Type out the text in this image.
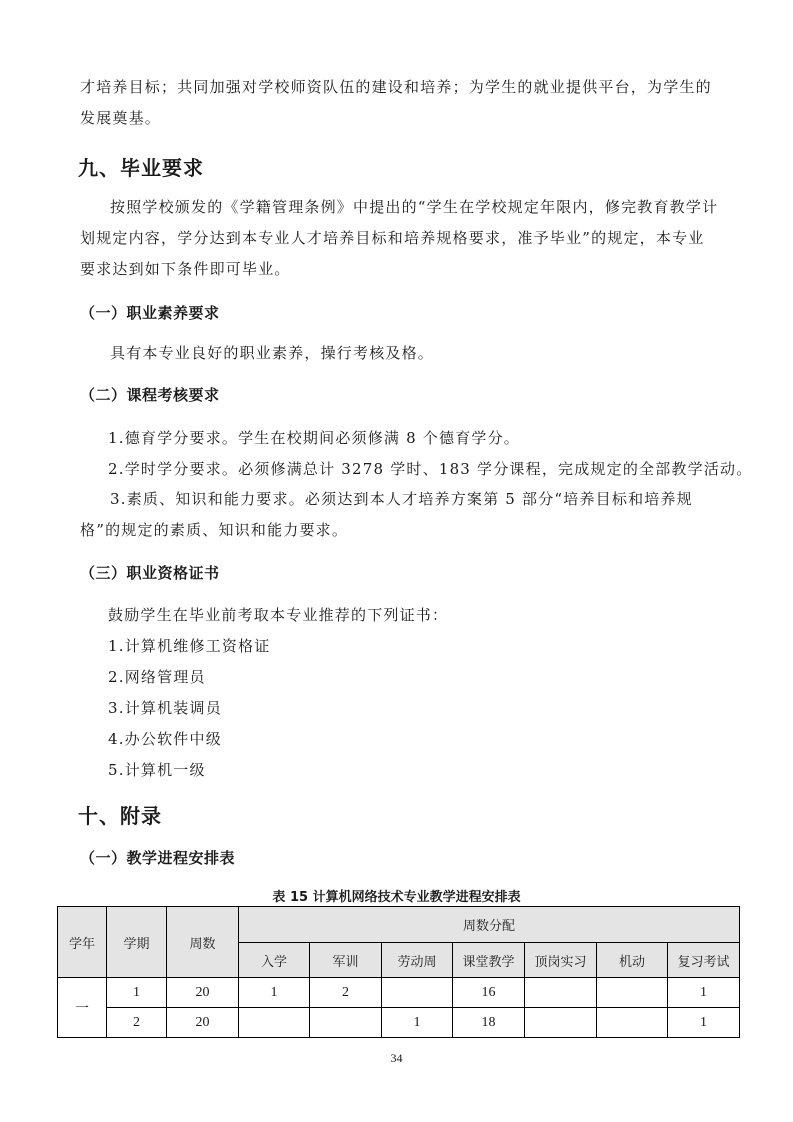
才培养目标；共同加强对学校师资队伍的建设和培养；为学生的就业提供平台，为学生的发展奠基。

九、毕业要求

按照学校颁发的《学籍管理条例》中提出的“学生在学校规定年限内，修完教育教学计划规定内容，学分达到本专业人才培养目标和培养规格要求，准予毕业”的规定，本专业要求达到如下条件即可毕业。

（一）职业素养要求

具有本专业良好的职业素养，操行考核及格。

（二）课程考核要求

1.德育学分要求。学生在校期间必须修满 8 个德育学分。

2.学时学分要求。必须修满总计 3278 学时、183 学分课程，完成规定的全部教学活动。

3.素质、知识和能力要求。必须达到本人才培养方案第 5 部分“培养目标和培养规格”的规定的素质、知识和能力要求。

（三）职业资格证书

鼓励学生在毕业前考取本专业推荐的下列证书：

1.计算机维修工资格证

2.网络管理员

3.计算机装调员

4.办公软件中级

5.计算机一级

十、附录
（一）教学进程安排表

表 15 计算机网络技术专业教学进程安排表

学年	学期	周数	周数分配						
			入学	军训	劳动周	课堂教学	顶岗实习	机动	复习考试
一	1	20	1	2		16			1
	2	20			1	18			1

34
